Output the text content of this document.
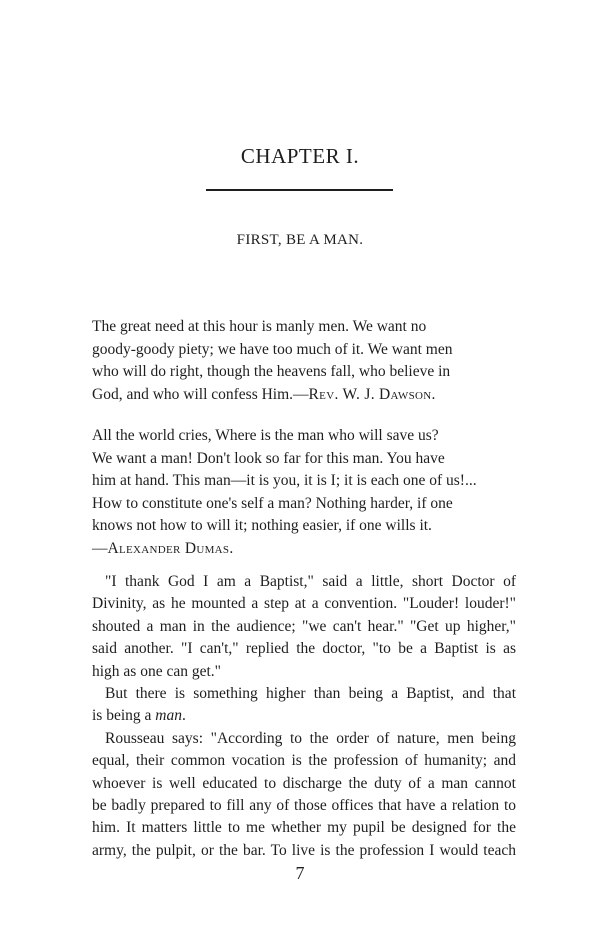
CHAPTER I.
FIRST, BE A MAN.
The great need at this hour is manly men. We want no
goody-goody piety; we have too much of it. We want men
who will do right, though the heavens fall, who believe in
God, and who will confess Him.—Rev. W. J. Dawson.
All the world cries, Where is the man who will save us?
We want a man! Don't look so far for this man. You have
him at hand. This man—it is you, it is I; it is each one of us!...
How to constitute one's self a man? Nothing harder, if one
knows not how to will it; nothing easier, if one wills it.
—Alexander Dumas.
"I thank God I am a Baptist," said a little, short Doctor of
Divinity, as he mounted a step at a convention. "Louder! louder!"
shouted a man in the audience; "we can't hear." "Get up higher,"
said another. "I can't," replied the doctor, "to be a Baptist is as
high as one can get."
But there is something higher than being a Baptist, and that
is being a man.
Rousseau says: "According to the order of nature, men being
equal, their common vocation is the profession of humanity; and
whoever is well educated to discharge the duty of a man cannot
be badly prepared to fill any of those offices that have a relation to
him. It matters little to me whether my pupil be designed for the
army, the pulpit, or the bar. To live is the profession I would teach
7
